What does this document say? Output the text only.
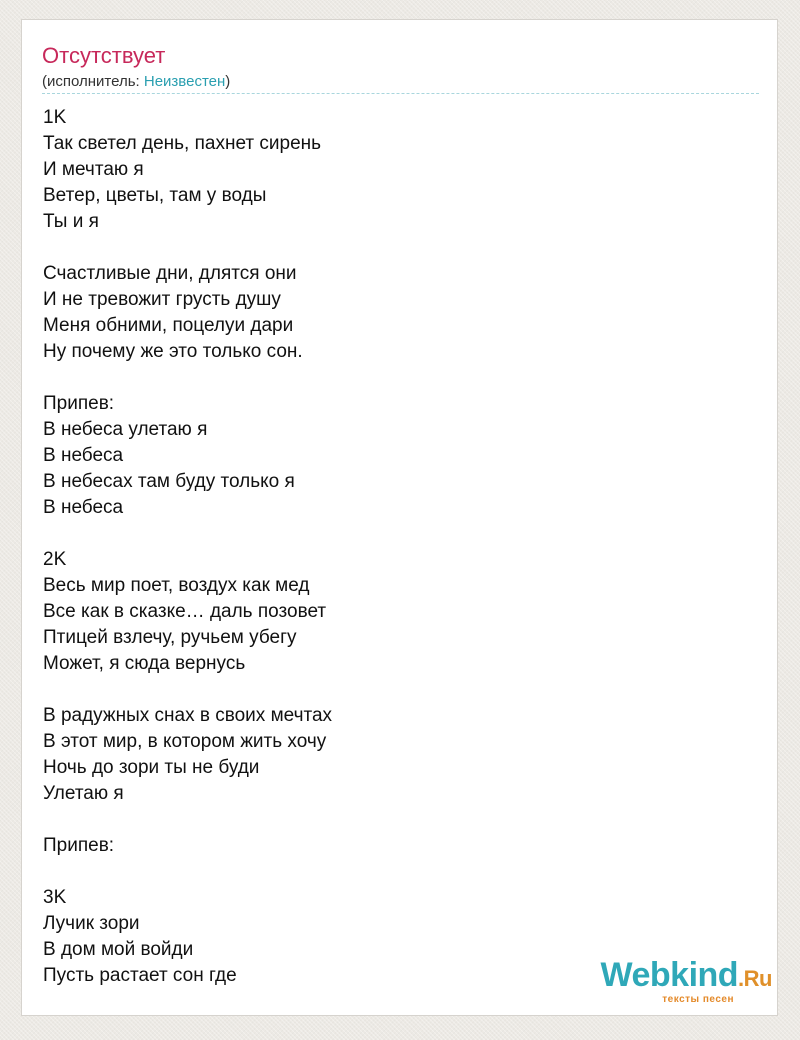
Отсутствует
(исполнитель: Неизвестен)
1K
Так светел день, пахнет сирень
И мечтаю я
Ветер, цветы, там у воды
Ты и я
Счастливые дни, длятся они
И не тревожит грусть душу
Меня обними, поцелуи дари
Ну почему же это только сон.
Припев:
В небеса улетаю я
В небеса
В небесах там буду только я
В небеса
2K
Весь мир поет, воздух как мед
Все как в сказке… даль позовет
Птицей взлечу, ручьем убегу
Может, я сюда вернусь
В радужных снах в своих мечтах
В этот мир, в котором жить хочу
Ночь до зори ты не буди
Улетаю я
Припев:
3K
Лучик зори
В дом мой войди
Пусть растает сон где	Webkind.Ru
тексты песен
